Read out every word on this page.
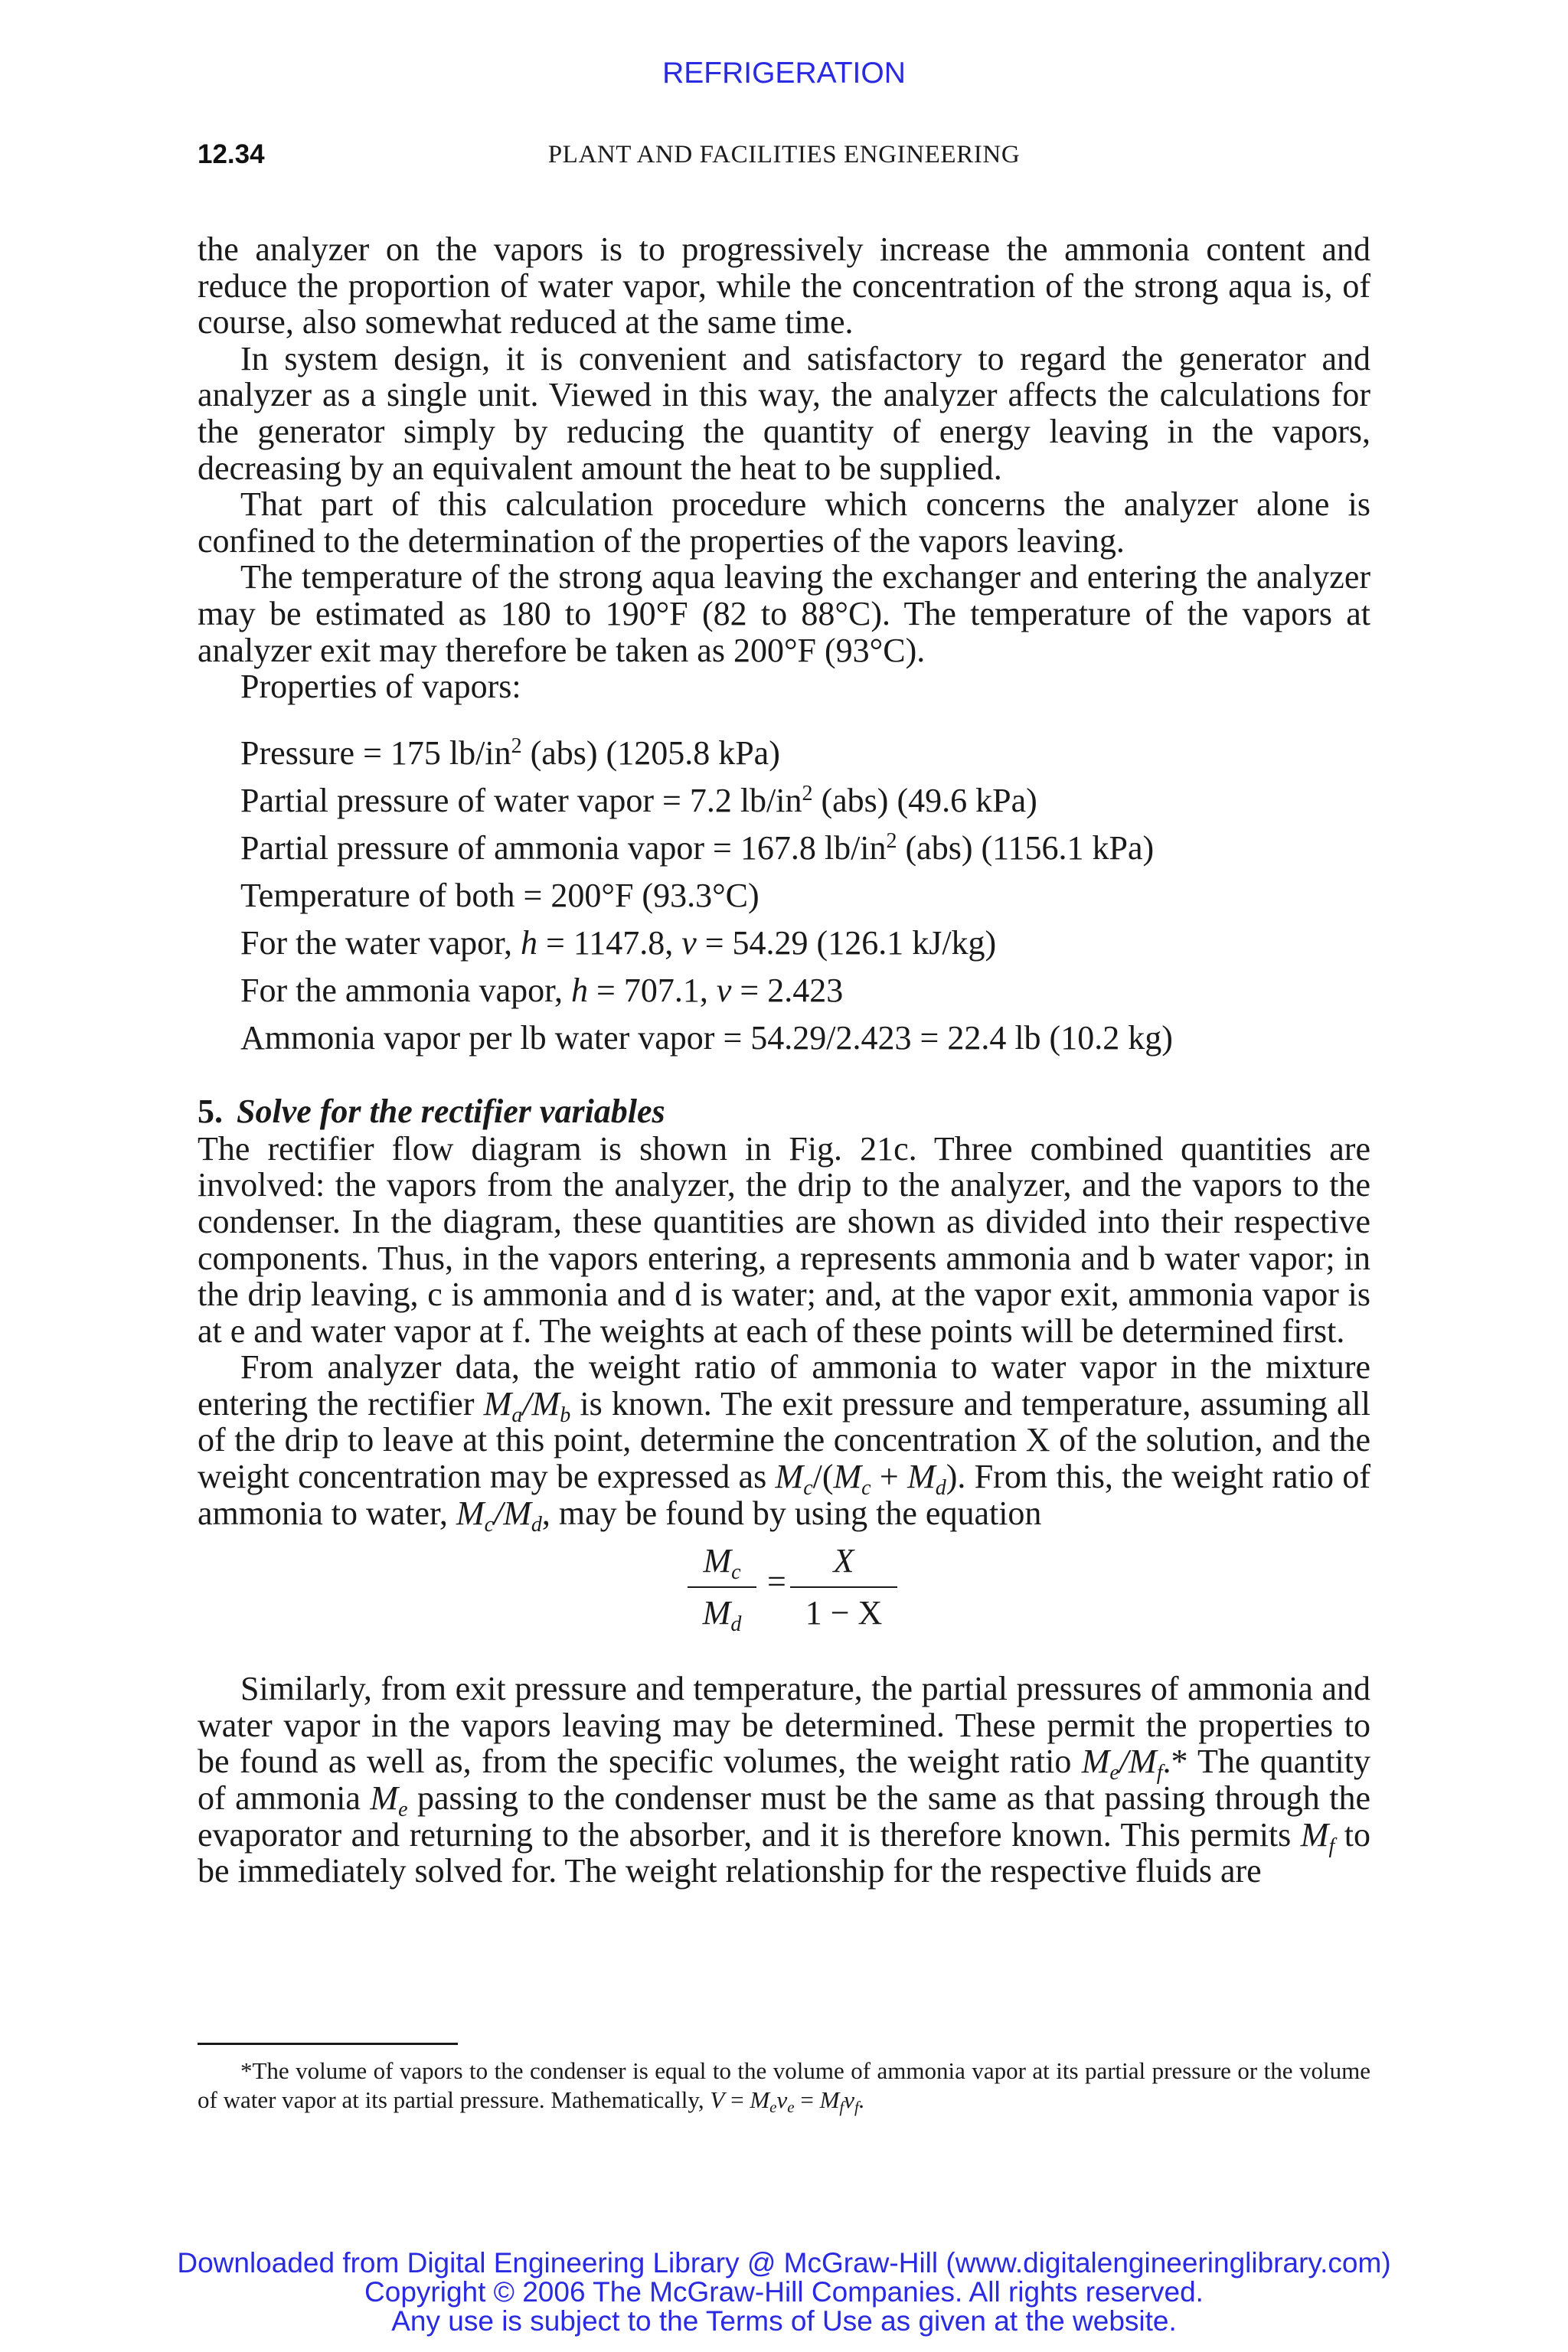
REFRIGERATION
12.34	PLANT AND FACILITIES ENGINEERING

the analyzer on the vapors is to progressively increase the ammonia content and reduce the proportion of water vapor, while the concentration of the strong aqua is, of course, also somewhat reduced at the same time.

In system design, it is convenient and satisfactory to regard the generator and analyzer as a single unit. Viewed in this way, the analyzer affects the calculations for the generator simply by reducing the quantity of energy leaving in the vapors, decreasing by an equivalent amount the heat to be supplied.

That part of this calculation procedure which concerns the analyzer alone is confined to the determination of the properties of the vapors leaving.

The temperature of the strong aqua leaving the exchanger and entering the analyzer may be estimated as 180 to 190°F (82 to 88°C). The temperature of the vapors at analyzer exit may therefore be taken as 200°F (93°C).

Properties of vapors:

Pressure = 175 $lb/in^2$ (abs) (1205.8 kPa)
Partial pressure of water vapor = 7.2 $lb/in^2$ (abs) (49.6 kPa)
Partial pressure of ammonia vapor = 167.8 $lb/in^2$ (abs) (1156.1 kPa)
Temperature of both = 200°F (93.3°C)
For the water vapor, h = 1147.8, v = 54.29 (126.1 kJ/kg)
For the ammonia vapor, h = 707.1, v = 2.423
Ammonia vapor per lb water vapor = 54.29/2.423 = 22.4 lb (10.2 kg)
5. Solve for the rectifier variables

The rectifier flow diagram is shown in Fig. 21c. Three combined quantities are involved: the vapors from the analyzer, the drip to the analyzer, and the vapors to the condenser. In the diagram, these quantities are shown as divided into their respective components. Thus, in the vapors entering, a represents ammonia and b water vapor; in the drip leaving, c is ammonia and d is water; and, at the vapor exit, ammonia vapor is at e and water vapor at f. The weights at each of these points will be determined first.

From analyzer data, the weight ratio of ammonia to water vapor in the mixture entering the rectifier $M_a/M_b$ is known. The exit pressure and temperature, assuming all of the drip to leave at this point, determine the concentration X of the solution, and the weight concentration may be expressed as $M_c/(M_c + M_d)$. From this, the weight ratio of ammonia to water, $M_c/M_d$, may be found by using the equation

$M_c$
$M_d$
=
X
1 − X

Similarly, from exit pressure and temperature, the partial pressures of ammonia and water vapor in the vapors leaving may be determined. These permit the properties to be found as well as, from the specific volumes, the weight ratio $M_e/M_f.*$ The quantity of ammonia $M_e$ passing to the condenser must be the same as that passing through the evaporator and returning to the absorber, and it is therefore known. This permits $M_f$ to be immediately solved for. The weight relationship for the respective fluids are

*The volume of vapors to the condenser is equal to the volume of ammonia vapor at its partial pressure or the volume of water vapor at its partial pressure. Mathematically, $V = M_ev_e = M_fv_f$.
Downloaded from Digital Engineering Library @ McGraw-Hill (www.digitalengineeringlibrary.com)
Copyright © 2006 The McGraw-Hill Companies. All rights reserved.
Any use is subject to the Terms of Use as given at the website.
